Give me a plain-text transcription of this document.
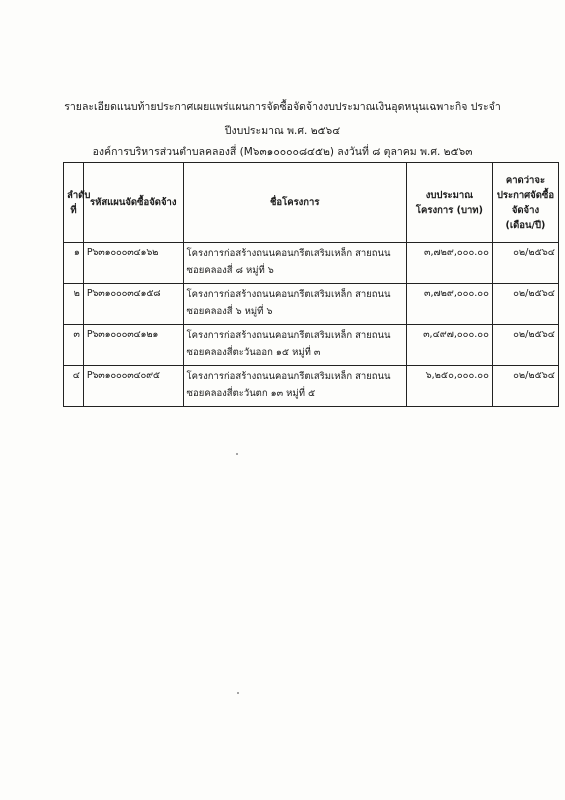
รายละเอียดแนบท้ายประกาศเผยแพร่แผนการจัดซื้อจัดจ้างงบประมาณเงินอุดหนุนเฉพาะกิจ ประจำ
ปีงบประมาณ พ.ศ. ๒๕๖๔
องค์การบริหารส่วนตำบลคลองสี่ (M๖๓๑๐๐๐๐๘๔๕๒) ลงวันที่ ๘ ตุลาคม พ.ศ. ๒๕๖๓
ลำดับที่	รหัสแผนจัดซื้อจัดจ้าง	ชื่อโครงการ	งบประมาณโครงการ (บาท)	คาดว่าจะประกาศจัดซื้อจัดจ้าง (เดือน/ปี)
๑	P๖๓๑๐๐๐๓๔๑๖๒	โครงการก่อสร้างถนนคอนกรีตเสริมเหล็ก สายถนนซอยคลองสี่ ๘ หมู่ที่ ๖	๓,๗๒๙,๐๐๐.๐๐	๐๒/๒๕๖๔
๒	P๖๓๑๐๐๐๓๔๑๕๘	โครงการก่อสร้างถนนคอนกรีตเสริมเหล็ก สายถนนซอยคลองสี่ ๖ หมู่ที่ ๖	๓,๗๒๙,๐๐๐.๐๐	๐๒/๒๕๖๔
๓	P๖๓๑๐๐๐๓๔๑๒๑	โครงการก่อสร้างถนนคอนกรีตเสริมเหล็ก สายถนนซอยคลองสี่ตะวันออก ๑๕ หมู่ที่ ๓	๓,๔๙๗,๐๐๐.๐๐	๐๒/๒๕๖๔
๔	P๖๓๑๐๐๐๓๔๐๙๕	โครงการก่อสร้างถนนคอนกรีตเสริมเหล็ก สายถนนซอยคลองสี่ตะวันตก ๑๓ หมู่ที่ ๕	๖,๒๕๐,๐๐๐.๐๐	๐๒/๒๕๖๔
